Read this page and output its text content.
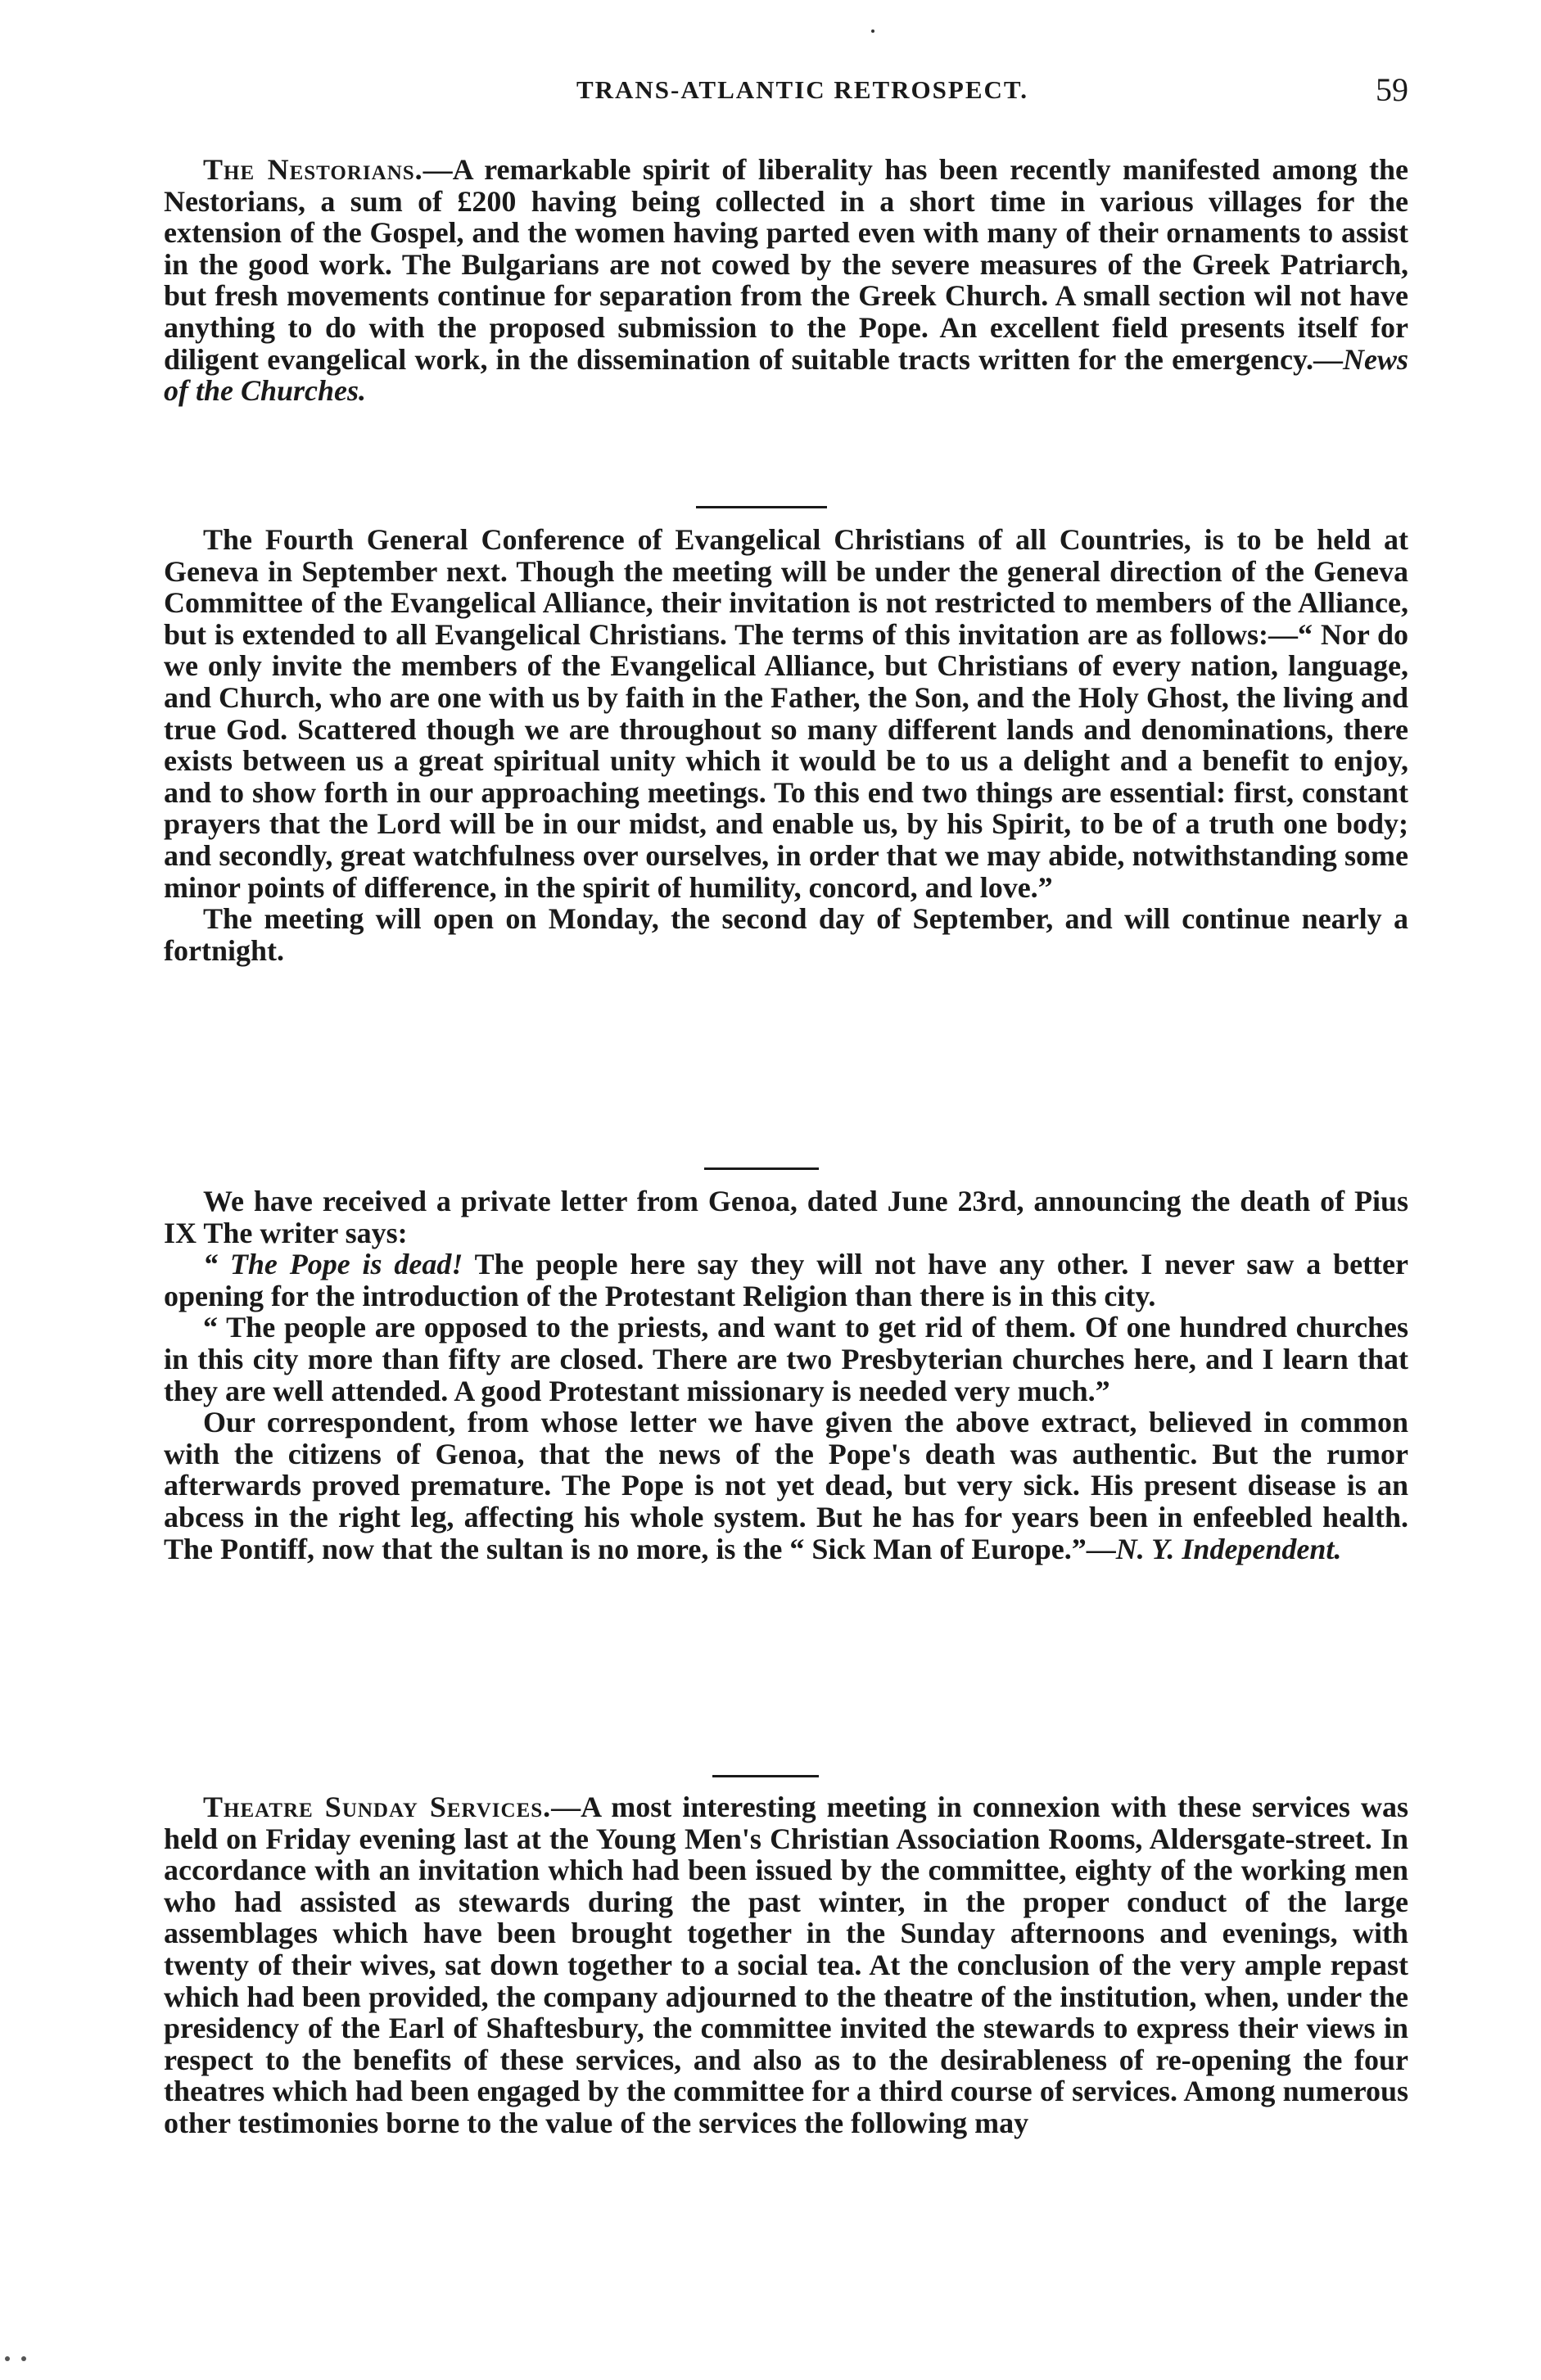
TRANS-ATLANTIC RETROSPECT.	59

The Nestorians.—A remarkable spirit of liberality has been recently manifested among the Nestorians, a sum of £200 having being collected in a short time in various villages for the extension of the Gospel, and the women having parted even with many of their ornaments to assist in the good work. The Bulgarians are not cowed by the severe measures of the Greek Patriarch, but fresh movements continue for separation from the Greek Church. A small section wil not have anything to do with the proposed submission to the Pope. An excellent field presents itself for diligent evangelical work, in the dissemination of suitable tracts written for the emergency.—News of the Churches.

The Fourth General Conference of Evangelical Christians of all Countries, is to be held at Geneva in September next. Though the meeting will be under the general direction of the Geneva Committee of the Evangelical Alliance, their invitation is not restricted to members of the Alliance, but is extended to all Evangelical Christians. The terms of this invitation are as follows:—“ Nor do we only invite the members of the Evangelical Alliance, but Christians of every nation, language, and Church, who are one with us by faith in the Father, the Son, and the Holy Ghost, the living and true God. Scattered though we are throughout so many different lands and denominations, there exists between us a great spiritual unity which it would be to us a delight and a benefit to enjoy, and to show forth in our approaching meetings. To this end two things are essential: first, constant prayers that the Lord will be in our midst, and enable us, by his Spirit, to be of a truth one body; and secondly, great watchfulness over ourselves, in order that we may abide, notwithstanding some minor points of difference, in the spirit of humility, concord, and love.”

The meeting will open on Monday, the second day of September, and will continue nearly a fortnight.

We have received a private letter from Genoa, dated June 23rd, announcing the death of Pius IX The writer says:

“ The Pope is dead! The people here say they will not have any other. I never saw a better opening for the introduction of the Protestant Religion than there is in this city.

“ The people are opposed to the priests, and want to get rid of them. Of one hundred churches in this city more than fifty are closed. There are two Presbyterian churches here, and I learn that they are well attended. A good Protestant missionary is needed very much.”

Our correspondent, from whose letter we have given the above extract, believed in common with the citizens of Genoa, that the news of the Pope's death was authentic. But the rumor afterwards proved premature. The Pope is not yet dead, but very sick. His present disease is an abcess in the right leg, affecting his whole system. But he has for years been in enfeebled health. The Pontiff, now that the sultan is no more, is the “ Sick Man of Europe.”—N. Y. Independent.

Theatre Sunday Services.—A most interesting meeting in connexion with these services was held on Friday evening last at the Young Men's Christian Association Rooms, Aldersgate-street. In accordance with an invitation which had been issued by the committee, eighty of the working men who had assisted as stewards during the past winter, in the proper conduct of the large assemblages which have been brought together in the Sunday afternoons and evenings, with twenty of their wives, sat down together to a social tea. At the conclusion of the very ample repast which had been provided, the company adjourned to the theatre of the institution, when, under the presidency of the Earl of Shaftesbury, the committee invited the stewards to express their views in respect to the benefits of these services, and also as to the desirableness of re-opening the four theatres which had been engaged by the committee for a third course of services. Among numerous other testimonies borne to the value of the services the following may
